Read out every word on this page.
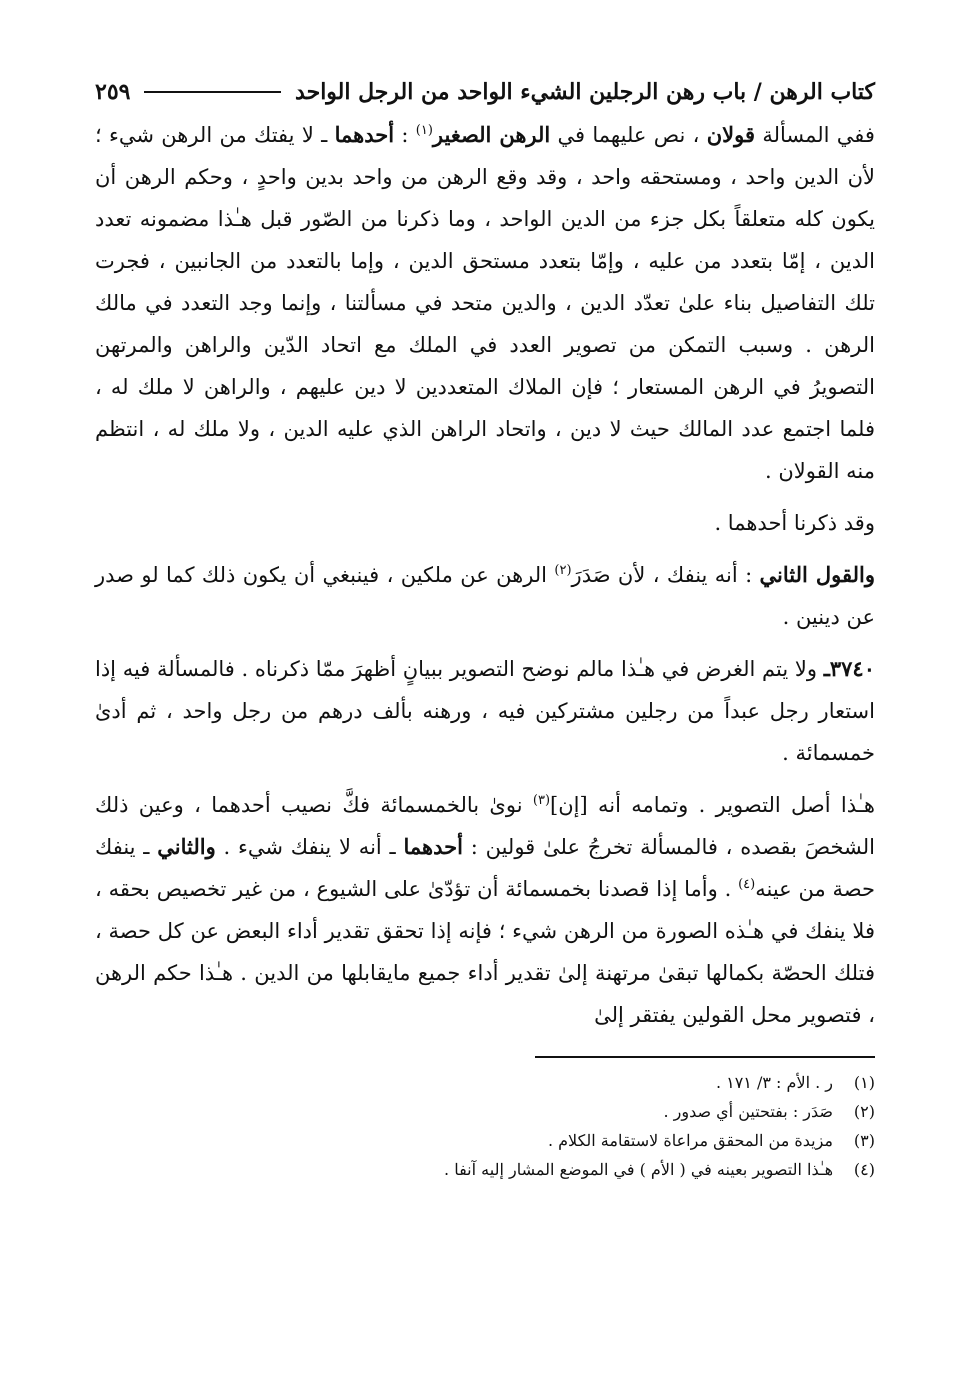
كتاب الرهن / باب رهن الرجلين الشيء الواحد من الرجل الواحد
٢٥٩

ففي المسألة قولان ، نص عليهما في الرهن الصغير$^{(١)}$ : أحدهما ـ لا يفتك من الرهن شيء ؛ لأن الدين واحد ، ومستحقه واحد ، وقد وقع الرهن من واحد بدين واحدٍ ، وحكم الرهن أن يكون كله متعلقاً بكل جزء من الدين الواحد ، وما ذكرنا من الصّور قبل هـٰذا مضمونه تعدد الدين ، إمّا بتعدد من عليه ، وإمّا بتعدد مستحق الدين ، وإما بالتعدد من الجانبين ، فجرت تلك التفاصيل بناء علىٰ تعدّد الدين ، والدين متحد في مسألتنا ، وإنما وجد التعدد في مالك الرهن . وسبب التمكن من تصوير العدد في الملك مع اتحاد الدّين والراهن والمرتهن التصويرُ في الرهن المستعار ؛ فإن الملاك المتعددين لا دين عليهم ، والراهن لا ملك له ، فلما اجتمع عدد المالك حيث لا دين ، واتحاد الراهن الذي عليه الدين ، ولا ملك له ، انتظم منه القولان .

وقد ذكرنا أحدهما .

والقول الثاني : أنه ينفك ، لأن صَدَرَ$^{(٢)}$ الرهن عن ملكين ، فينبغي أن يكون ذلك كما لو صدر عن دينين .

٣٧٤٠ـ ولا يتم الغرض في هـٰذا مالم نوضح التصوير ببيانٍ أظهرَ ممّا ذكرناه . فالمسألة فيه إذا استعار رجل عبداً من رجلين مشتركين فيه ، ورهنه بألف درهم من رجل واحد ، ثم أدىٰ خمسمائة .

هـٰذا أصل التصوير . وتمامه أنه [إن]$^{(٣)}$ نوىٰ بالخمسمائة فكَّ نصيب أحدهما ، وعين ذلك الشخصَ بقصده ، فالمسألة تخرجُ علىٰ قولين : أحدهما ـ أنه لا ينفك شيء . والثاني ـ ينفك حصة من عينه$^{(٤)}$ . وأما إذا قصدنا بخمسمائة أن تؤدّىٰ على الشيوع ، من غير تخصيص بحقه ، فلا ينفك في هـٰذه الصورة من الرهن شيء ؛ فإنه إذا تحقق تقدير أداء البعض عن كل حصة ، فتلك الحصّة بكمالها تبقىٰ مرتهنة إلىٰ تقدير أداء جميع مايقابلها من الدين . هـٰذا حكم الرهن ، فتصوير محل القولين يفتقر إلىٰ

(١)
ر . الأم : ٣/ ١٧١ .
(٢)
صَدَر : بفتحتين أي صدور .
(٣)
مزيدة من المحقق مراعاة لاستقامة الكلام .
(٤)
هـٰذا التصوير بعينه في ( الأم ) في الموضع المشار إليه آنفا .
